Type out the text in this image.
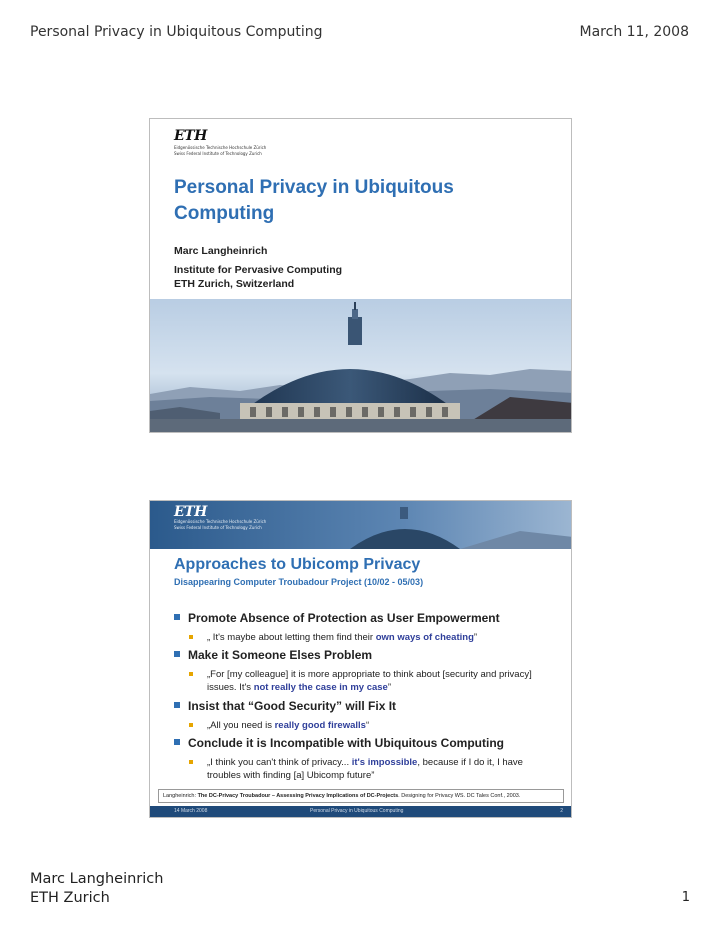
Personal Privacy in Ubiquitous Computing	March 11, 2008
ETH
Eidgenössische Technische Hochschule Zürich
Swiss Federal Institute of Technology Zurich
Personal Privacy in Ubiquitous Computing
Marc Langheinrich
Institute for Pervasive Computing
ETH Zurich, Switzerland
ETH
Eidgenössische Technische Hochschule Zürich
Swiss Federal Institute of Technology Zurich
Approaches to Ubicomp Privacy
Disappearing Computer Troubadour Project (10/02 - 05/03)
Promote Absence of Protection as User Empowerment
„ It's maybe about letting them find their own ways of cheating”
Make it Someone Elses Problem
„For [my colleague] it is more appropriate to think about [security and privacy] issues. It's not really the case in my case”
Insist that “Good Security” will Fix It
„All you need is really good firewalls“
Conclude it is Incompatible with Ubiquitous Computing
„I think you can't think of privacy... it's impossible, because if I do it, I have troubles with finding [a] Ubicomp future”
Langheinrich: The DC-Privacy Troubadour – Assessing Privacy Implications of DC-Projects. Designing for Privacy WS. DC Tales Conf., 2003.
14 March 2008	Personal Privacy in Ubiquitous Computing	2
Marc Langheinrich
ETH Zurich	1
